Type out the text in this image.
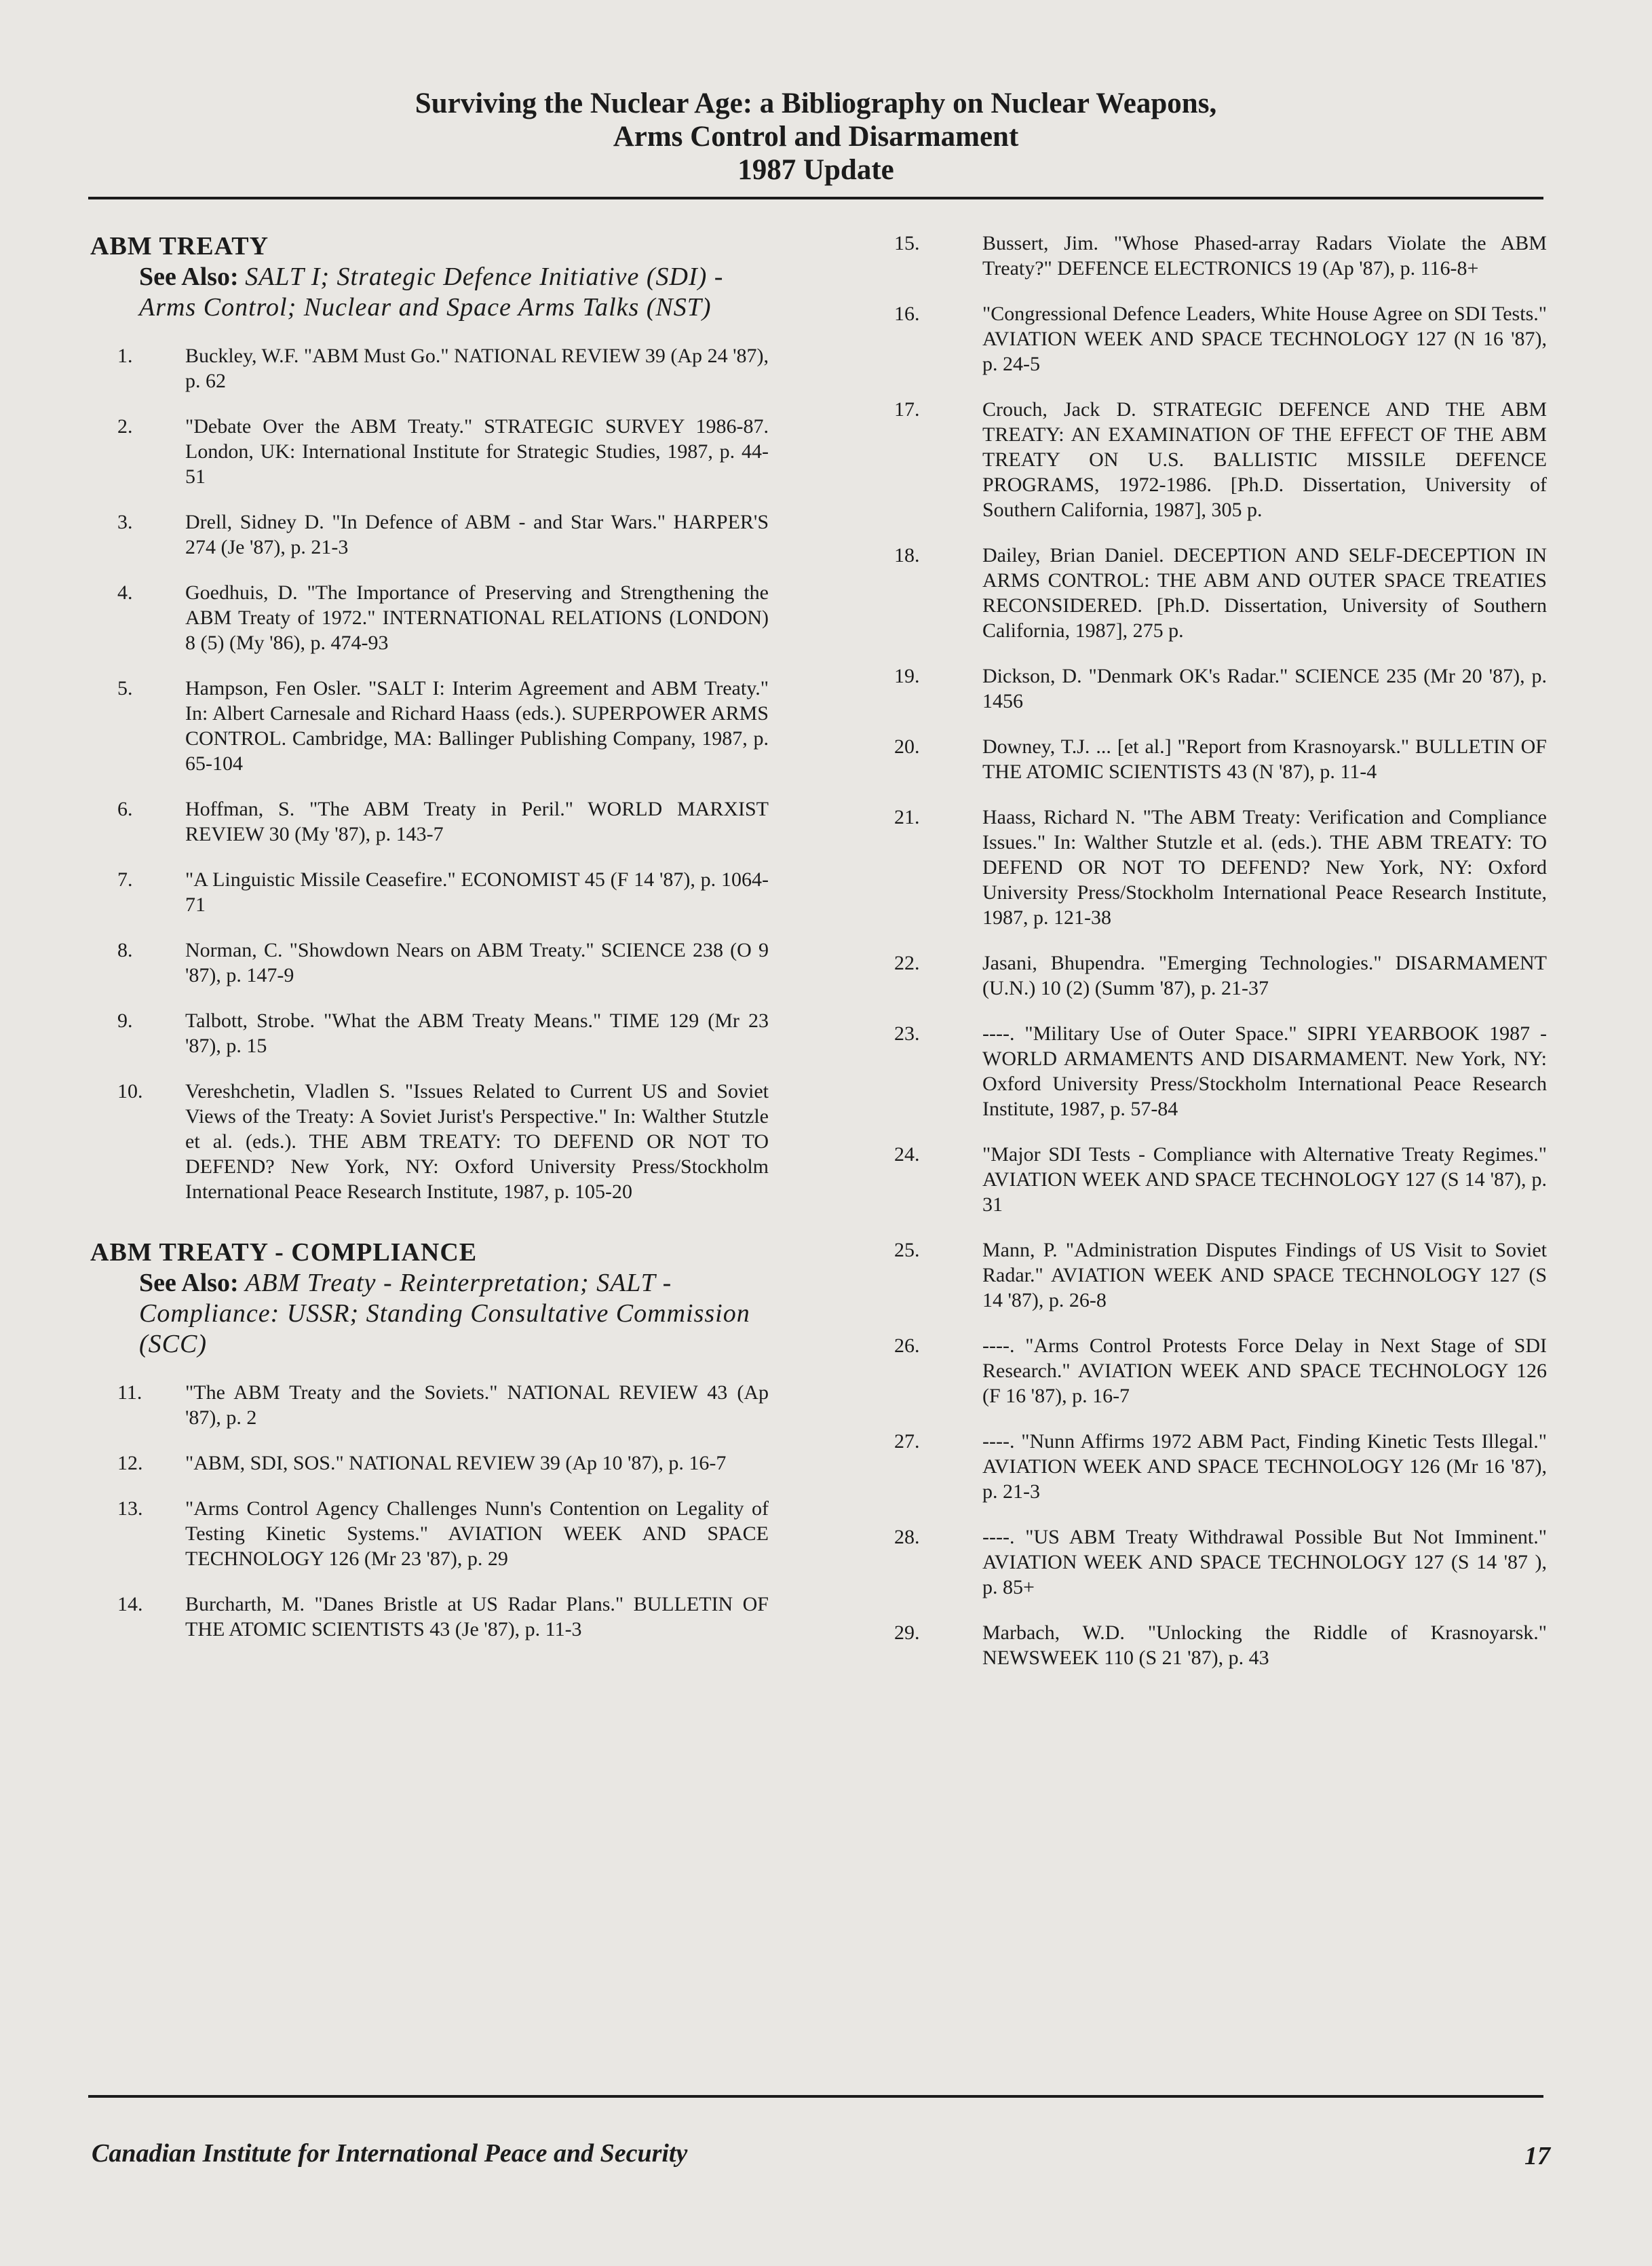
Surviving the Nuclear Age: a Bibliography on Nuclear Weapons,
Arms Control and Disarmament
1987 Update
ABM TREATY
See Also: SALT I; Strategic Defence Initiative (SDI) - Arms Control; Nuclear and Space Arms Talks (NST)
1.	Buckley, W.F. "ABM Must Go." NATIONAL REVIEW 39 (Ap 24 '87), p. 62
2.	"Debate Over the ABM Treaty." STRATEGIC SURVEY 1986-87. London, UK: International Institute for Strategic Studies, 1987, p. 44-51
3.	Drell, Sidney D. "In Defence of ABM - and Star Wars." HARPER'S 274 (Je '87), p. 21-3
4.	Goedhuis, D. "The Importance of Preserving and Strengthening the ABM Treaty of 1972." INTERNATIONAL RELATIONS (LONDON) 8 (5) (My '86), p. 474-93
5.	Hampson, Fen Osler. "SALT I: Interim Agreement and ABM Treaty." In: Albert Carnesale and Richard Haass (eds.). SUPERPOWER ARMS CONTROL. Cambridge, MA: Ballinger Publishing Company, 1987, p. 65-104
6.	Hoffman, S. "The ABM Treaty in Peril." WORLD MARXIST REVIEW 30 (My '87), p. 143-7
7.	"A Linguistic Missile Ceasefire." ECONOMIST 45 (F 14 '87), p. 1064-71
8.	Norman, C. "Showdown Nears on ABM Treaty." SCIENCE 238 (O 9 '87), p. 147-9
9.	Talbott, Strobe. "What the ABM Treaty Means." TIME 129 (Mr 23 '87), p. 15
10. Vereshchetin, Vladlen S. "Issues Related to Current US and Soviet Views of the Treaty: A Soviet Jurist's Perspective." In: Walther Stutzle et al. (eds.). THE ABM TREATY: TO DEFEND OR NOT TO DEFEND? New York, NY: Oxford University Press/Stockholm International Peace Research Institute, 1987, p. 105-20
ABM TREATY - COMPLIANCE
See Also: ABM Treaty - Reinterpretation; SALT - Compliance: USSR; Standing Consultative Commission (SCC)
11. "The ABM Treaty and the Soviets." NATIONAL REVIEW 43 (Ap '87), p. 2
12. "ABM, SDI, SOS." NATIONAL REVIEW 39 (Ap 10 '87), p. 16-7
13. "Arms Control Agency Challenges Nunn's Contention on Legality of Testing Kinetic Systems." AVIATION WEEK AND SPACE TECHNOLOGY 126 (Mr 23 '87), p. 29
14. Burcharth, M. "Danes Bristle at US Radar Plans." BULLETIN OF THE ATOMIC SCIENTISTS 43 (Je '87), p. 11-3
15.	Bussert, Jim. "Whose Phased-array Radars Violate the ABM Treaty?" DEFENCE ELECTRONICS 19 (Ap '87), p. 116-8+
16.	"Congressional Defence Leaders, White House Agree on SDI Tests." AVIATION WEEK AND SPACE TECHNOLOGY 127 (N 16 '87), p. 24-5
17.	Crouch, Jack D. STRATEGIC DEFENCE AND THE ABM TREATY: AN EXAMINATION OF THE EFFECT OF THE ABM TREATY ON U.S. BALLISTIC MISSILE DEFENCE PROGRAMS, 1972-1986. [Ph.D. Dissertation, University of Southern California, 1987], 305 p.
18.	Dailey, Brian Daniel. DECEPTION AND SELF-DECEPTION IN ARMS CONTROL: THE ABM AND OUTER SPACE TREATIES RECONSIDERED. [Ph.D. Dissertation, University of Southern California, 1987], 275 p.
19.	Dickson, D. "Denmark OK's Radar." SCIENCE 235 (Mr 20 '87), p. 1456
20.	Downey, T.J. ... [et al.] "Report from Krasnoyarsk." BULLETIN OF THE ATOMIC SCIENTISTS 43 (N '87), p. 11-4
21.	Haass, Richard N. "The ABM Treaty: Verification and Compliance Issues." In: Walther Stutzle et al. (eds.). THE ABM TREATY: TO DEFEND OR NOT TO DEFEND? New York, NY: Oxford University Press/Stockholm International Peace Research Institute, 1987, p. 121-38
22.	Jasani, Bhupendra. "Emerging Technologies." DISARMAMENT (U.N.) 10 (2) (Summ '87), p. 21-37
23.	----. "Military Use of Outer Space." SIPRI YEARBOOK 1987 - WORLD ARMAMENTS AND DISARMAMENT. New York, NY: Oxford University Press/Stockholm International Peace Research Institute, 1987, p. 57-84
24.	"Major SDI Tests - Compliance with Alternative Treaty Regimes." AVIATION WEEK AND SPACE TECHNOLOGY 127 (S 14 '87), p. 31
25.	Mann, P. "Administration Disputes Findings of US Visit to Soviet Radar." AVIATION WEEK AND SPACE TECHNOLOGY 127 (S 14 '87), p. 26-8
26.	----. "Arms Control Protests Force Delay in Next Stage of SDI Research." AVIATION WEEK AND SPACE TECHNOLOGY 126 (F 16 '87), p. 16-7
27.	----. "Nunn Affirms 1972 ABM Pact, Finding Kinetic Tests Illegal." AVIATION WEEK AND SPACE TECHNOLOGY 126 (Mr 16 '87), p. 21-3
28.	----. "US ABM Treaty Withdrawal Possible But Not Imminent." AVIATION WEEK AND SPACE TECHNOLOGY 127 (S 14 '87 ), p. 85+
29.	Marbach, W.D. "Unlocking the Riddle of Krasnoyarsk." NEWSWEEK 110 (S 21 '87), p. 43
Canadian Institute for International Peace and Security	17
